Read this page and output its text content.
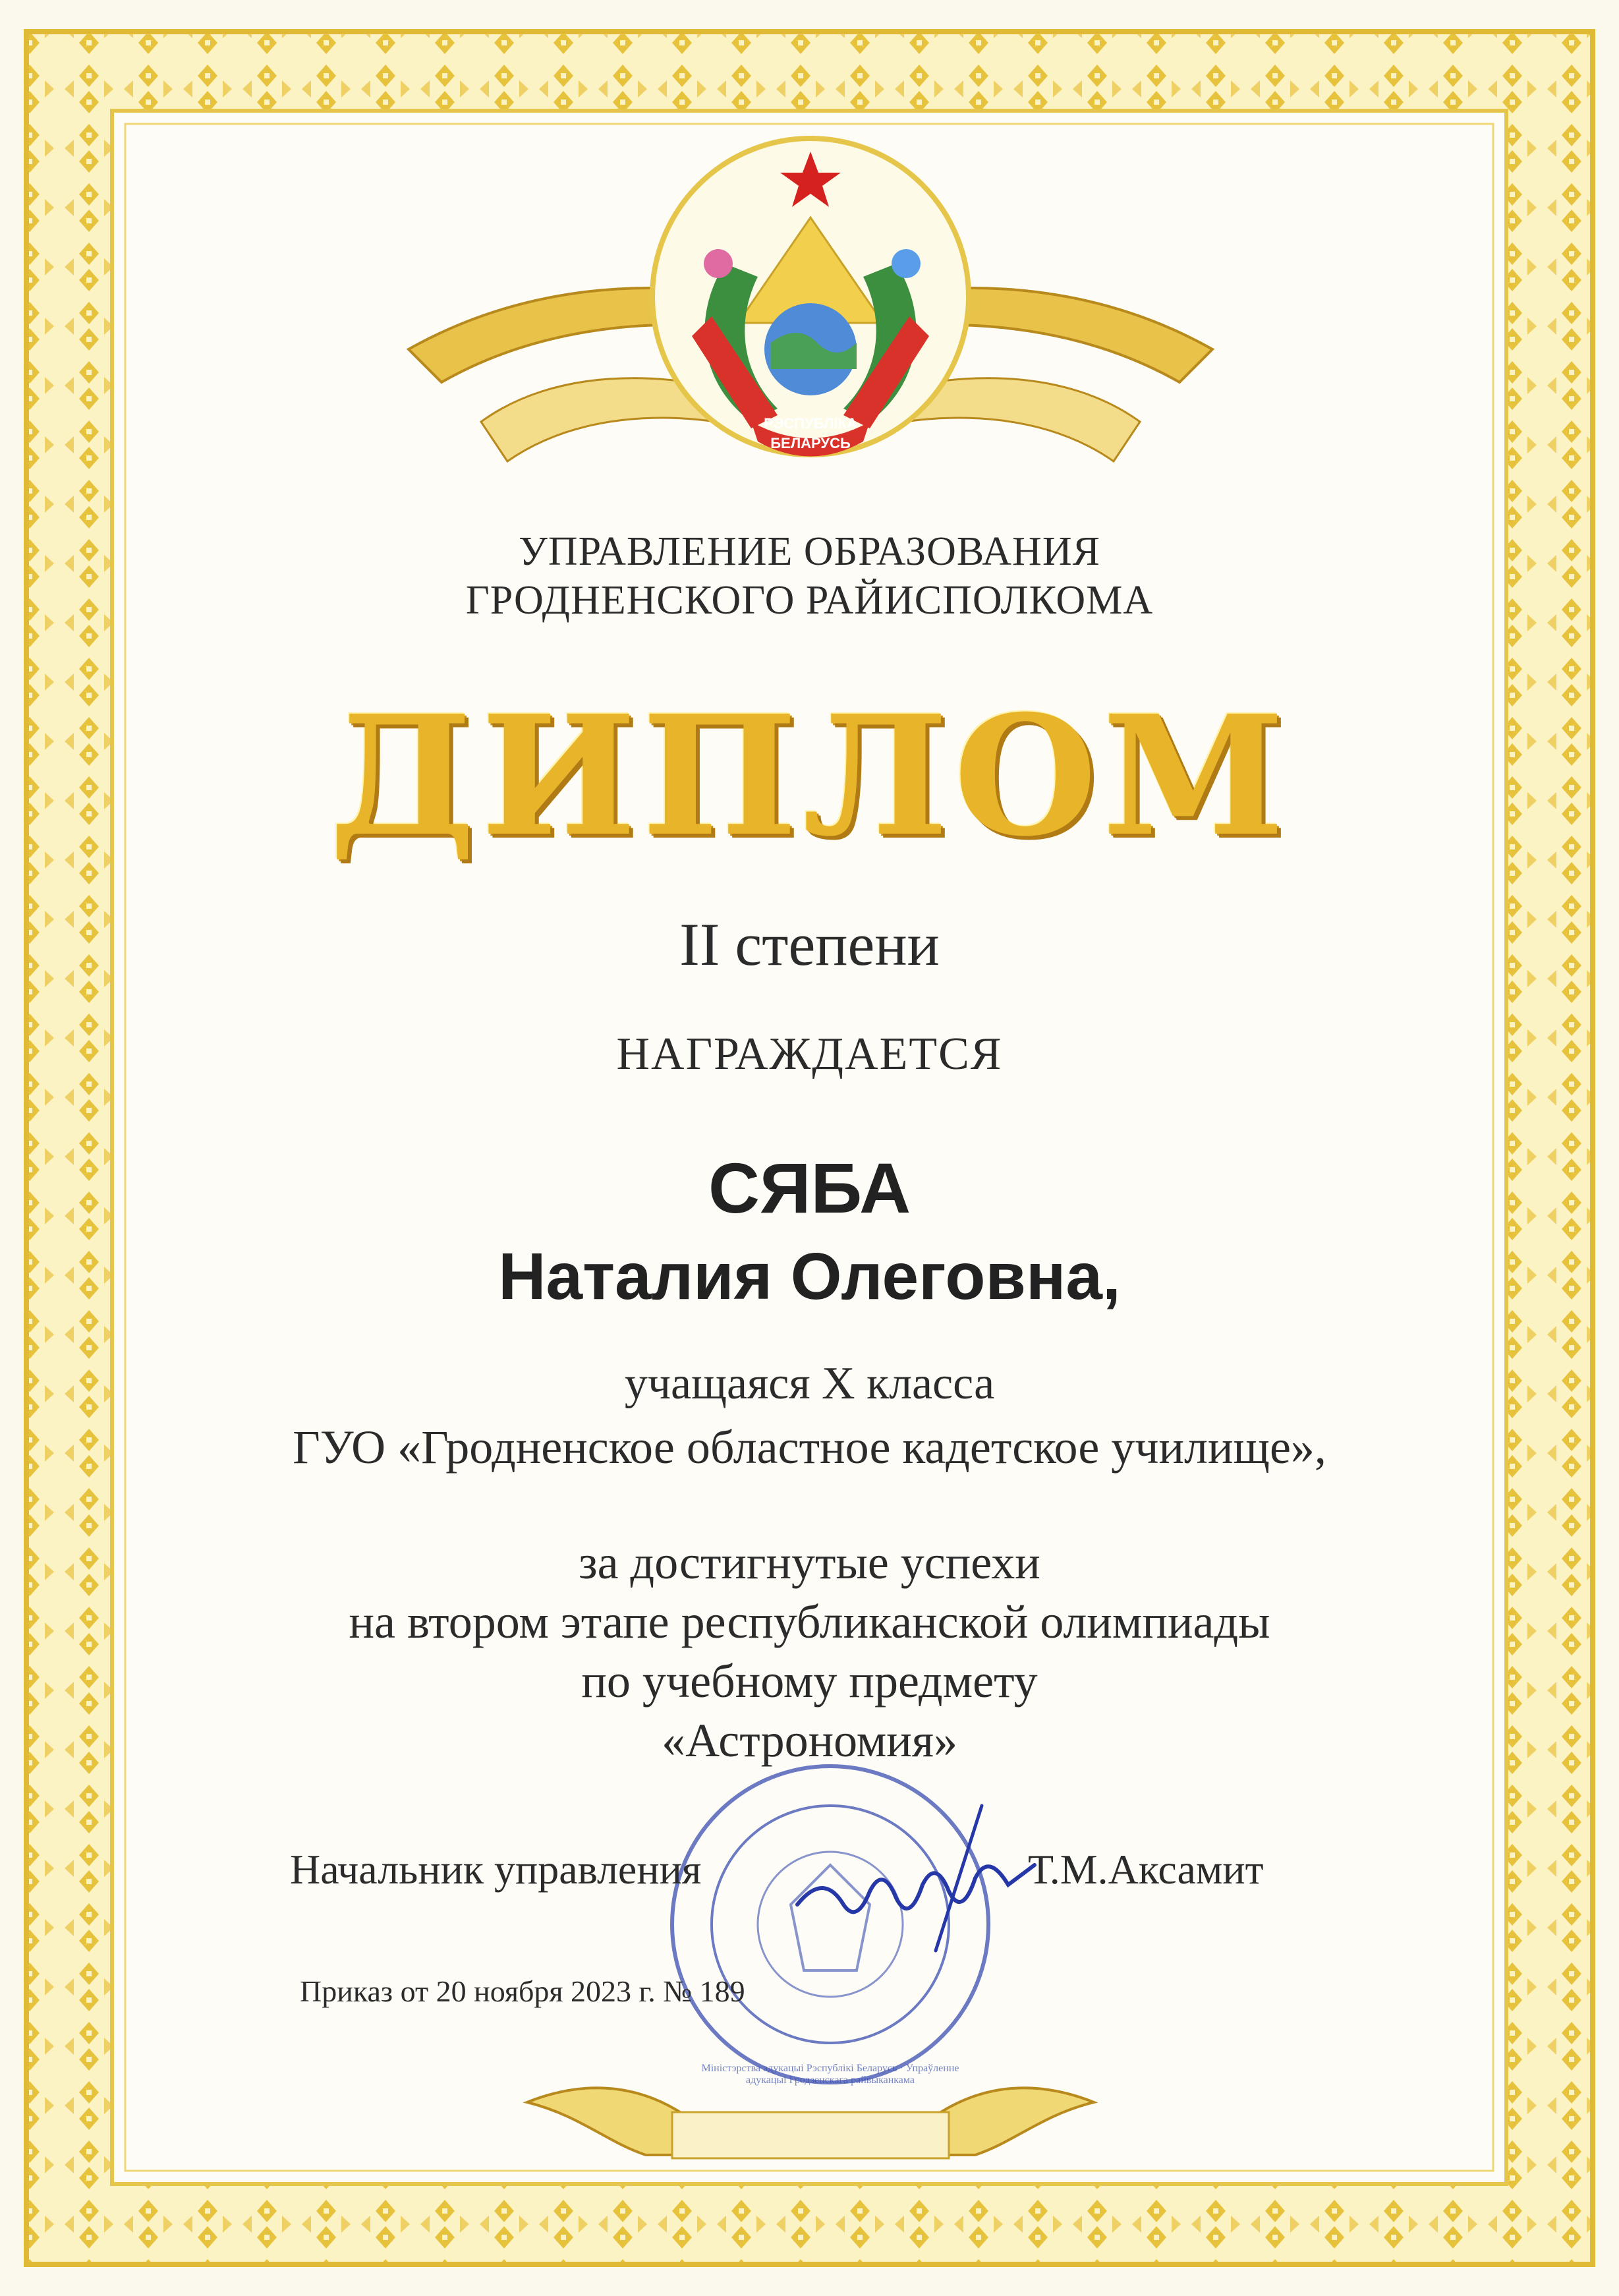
РЭСПУБЛІКА
БЕЛАРУСЬ
УПРАВЛЕНИЕ ОБРАЗОВАНИЯ
ГРОДНЕНСКОГО РАЙИСПОЛКОМА
ДИПЛОМ
II степени
НАГРАЖДАЕТСЯ
СЯБА
Наталия Олеговна,
учащаяся X класса
ГУО «Гродненское областное кадетское училище»,
за достигнутые успехи
на втором этапе республиканской олимпиады
по учебному предмету
«Астрономия»
Міністэрства адукацыі Рэспублікі Беларусь · Упраўленне адукацыі Гродзенскага райвыканкама
Начальник управления	Т.М.Аксамит
Приказ от 20 ноября 2023 г. № 189
